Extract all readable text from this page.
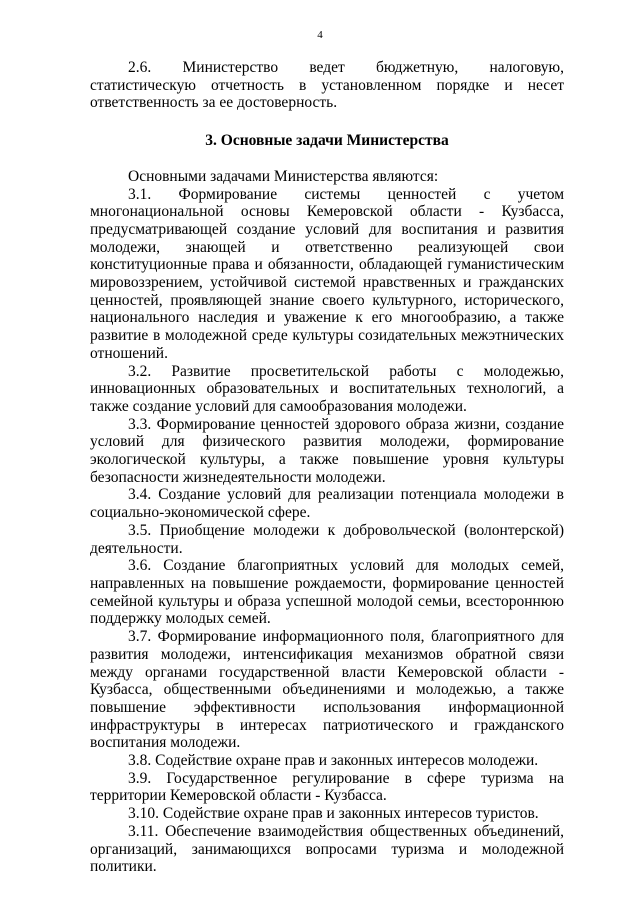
4

2.6. Министерство ведет бюджетную, налоговую, статистическую отчетность в установленном порядке и несет ответственность за ее достоверность.

3. Основные задачи Министерства

Основными задачами Министерства являются:

3.1. Формирование системы ценностей с учетом многонациональной основы Кемеровской области - Кузбасса, предусматривающей создание условий для воспитания и развития молодежи, знающей и ответственно реализующей свои конституционные права и обязанности, обладающей гуманистическим мировоззрением, устойчивой системой нравственных и гражданских ценностей, проявляющей знание своего культурного, исторического, национального наследия и уважение к его многообразию, а также развитие в молодежной среде культуры созидательных межэтнических отношений.

3.2. Развитие просветительской работы с молодежью, инновационных образовательных и воспитательных технологий, а также создание условий для самообразования молодежи.

3.3. Формирование ценностей здорового образа жизни, создание условий для физического развития молодежи, формирование экологической культуры, а также повышение уровня культуры безопасности жизнедеятельности молодежи.

3.4. Создание условий для реализации потенциала молодежи в социально-экономической сфере.

3.5. Приобщение молодежи к добровольческой (волонтерской) деятельности.

3.6. Создание благоприятных условий для молодых семей, направленных на повышение рождаемости, формирование ценностей семейной культуры и образа успешной молодой семьи, всестороннюю поддержку молодых семей.

3.7. Формирование информационного поля, благоприятного для развития молодежи, интенсификация механизмов обратной связи между органами государственной власти Кемеровской области - Кузбасса, общественными объединениями и молодежью, а также повышение эффективности использования информационной инфраструктуры в интересах патриотического и гражданского воспитания молодежи.

3.8. Содействие охране прав и законных интересов молодежи.

3.9. Государственное регулирование в сфере туризма на территории Кемеровской области - Кузбасса.

3.10. Содействие охране прав и законных интересов туристов.

3.11. Обеспечение взаимодействия общественных объединений, организаций, занимающихся вопросами туризма и молодежной политики.
